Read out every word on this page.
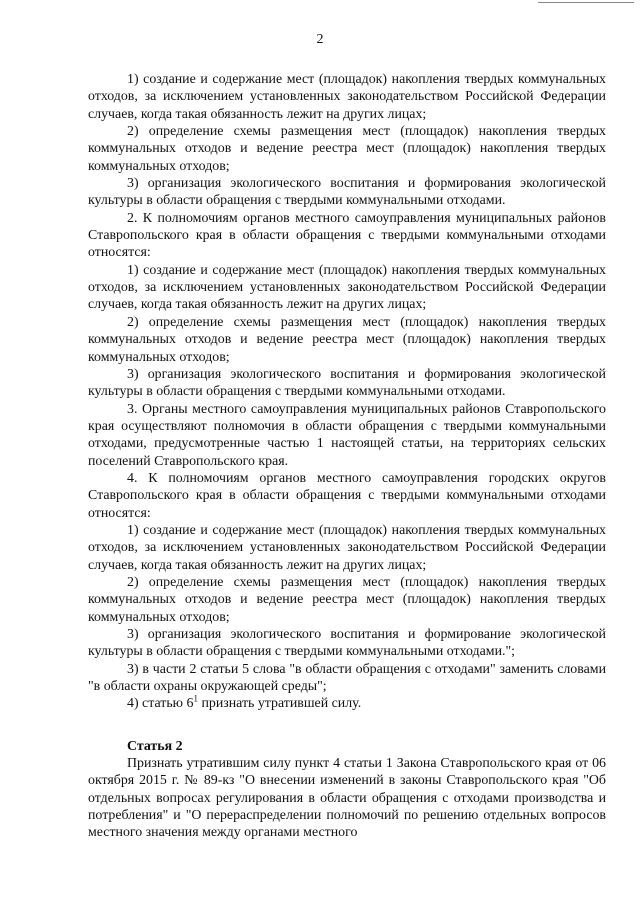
2

1) создание и содержание мест (площадок) накопления твердых коммунальных отходов, за исключением установленных законодательством Российской Федерации случаев, когда такая обязанность лежит на других лицах;

2) определение схемы размещения мест (площадок) накопления твердых коммунальных отходов и ведение реестра мест (площадок) накопления твердых коммунальных отходов;

3) организация экологического воспитания и формирования экологической культуры в области обращения с твердыми коммунальными отходами.

2. К полномочиям органов местного самоуправления муниципальных районов Ставропольского края в области обращения с твердыми коммунальными отходами относятся:

1) создание и содержание мест (площадок) накопления твердых коммунальных отходов, за исключением установленных законодательством Российской Федерации случаев, когда такая обязанность лежит на других лицах;

2) определение схемы размещения мест (площадок) накопления твердых коммунальных отходов и ведение реестра мест (площадок) накопления твердых коммунальных отходов;

3) организация экологического воспитания и формирования экологической культуры в области обращения с твердыми коммунальными отходами.

3. Органы местного самоуправления муниципальных районов Ставропольского края осуществляют полномочия в области обращения с твердыми коммунальными отходами, предусмотренные частью 1 настоящей статьи, на территориях сельских поселений Ставропольского края.

4. К полномочиям органов местного самоуправления городских округов Ставропольского края в области обращения с твердыми коммунальными отходами относятся:

1) создание и содержание мест (площадок) накопления твердых коммунальных отходов, за исключением установленных законодательством Российской Федерации случаев, когда такая обязанность лежит на других лицах;

2) определение схемы размещения мест (площадок) накопления твердых коммунальных отходов и ведение реестра мест (площадок) накопления твердых коммунальных отходов;

3) организация экологического воспитания и формирование экологической культуры в области обращения с твердыми коммунальными отходами.";

3) в части 2 статьи 5 слова "в области обращения с отходами" заменить словами "в области охраны окружающей среды";

4) статью $6^1$ признать утратившей силу.

Статья 2

Признать утратившим силу пункт 4 статьи 1 Закона Ставропольского края от 06 октября 2015 г. № 89-кз "О внесении изменений в законы Ставропольского края "Об отдельных вопросах регулирования в области обращения с отходами производства и потребления" и "О перераспределении полномочий по решению отдельных вопросов местного значения между органами местного
